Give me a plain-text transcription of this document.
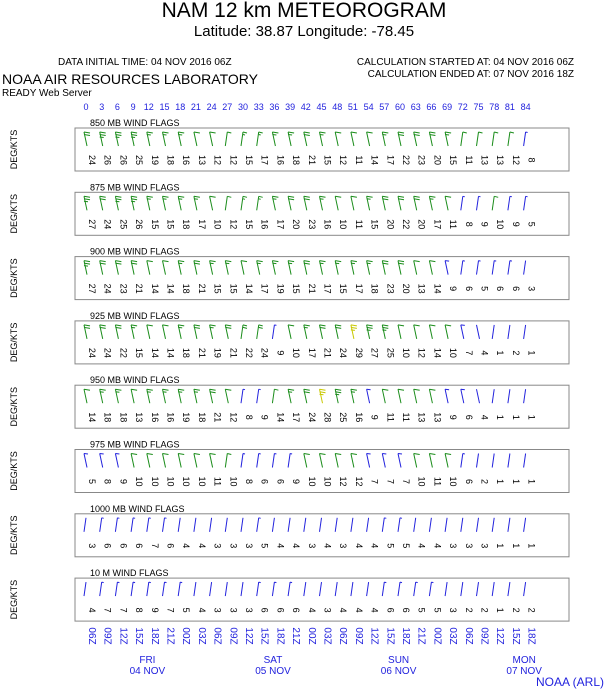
NAM 12 km METEOROGRAM
Latitude: 38.87 Longitude: -78.45
DATA INITIAL TIME: 04 NOV 2016 06Z	CALCULATION STARTED AT: 04 NOV 2016 06Z
CALCULATION ENDED AT: 07 NOV 2016 18Z
NOAA AIR RESOURCES LABORATORY
READY Web Server
NOAA (ARL)
0 3 6 9 12 15 18 21 24 27 30 33 36 39 42 45 48 51 54 57 60 63 66 69 72 75 78 81 84
850 MB WIND FLAGS
DEG/KTS	24 26 26 25 19 18 16 13 12 12 15 17 16 18 21 15 12 11 14 17 22 23 20 15 11 13 13 12 8
875 MB WIND FLAGS
DEG/KTS	27 24 25 26 15 15 18 17 10 12 15 16 17 20 23 16 10 11 15 20 22 20 17 11 8 9 10 9 5
900 MB WIND FLAGS
DEG/KTS	27 24 23 21 14 14 18 21 15 15 14 17 19 15 21 17 15 17 18 23 20 13 14 9 6 5 6 6 3
925 MB WIND FLAGS
DEG/KTS	24 24 22 15 14 14 18 21 19 21 22 24 9 10 17 21 24 29 27 25 10 12 14 10 7 4 1 2 1
950 MB WIND FLAGS
DEG/KTS	14 18 18 13 16 16 19 18 21 12 8 9 14 17 24 28 25 16 9 11 11 13 13 9 6 4 1 1 1
975 MB WIND FLAGS
DEG/KTS	5 8 9 10 10 10 10 10 11 10 8 6 6 9 10 10 12 12 7 7 7 10 11 10 6 2 1 1 1
1000 MB WIND FLAGS
DEG/KTS	3 6 6 6 7 6 4 4 3 3 3 5 4 4 3 4 3 4 4 5 5 4 4 3 3 3 1 1 1
10 M WIND FLAGS
DEG/KTS	4 7 7 8 9 7 5 4 3 3 3 6 6 6 4 3 4 4 4 6 6 5 5 3 2 2 1 2 2
06Z 09Z 12Z 15Z 18Z 21Z 00Z 03Z 06Z 09Z 12Z 15Z 18Z 21Z 00Z 03Z 06Z 09Z 12Z 15Z 18Z 21Z 00Z 03Z 06Z 09Z 12Z 15Z 18Z
FRI
04 NOV
SAT
05 NOV
SUN
06 NOV
MON
07 NOV
